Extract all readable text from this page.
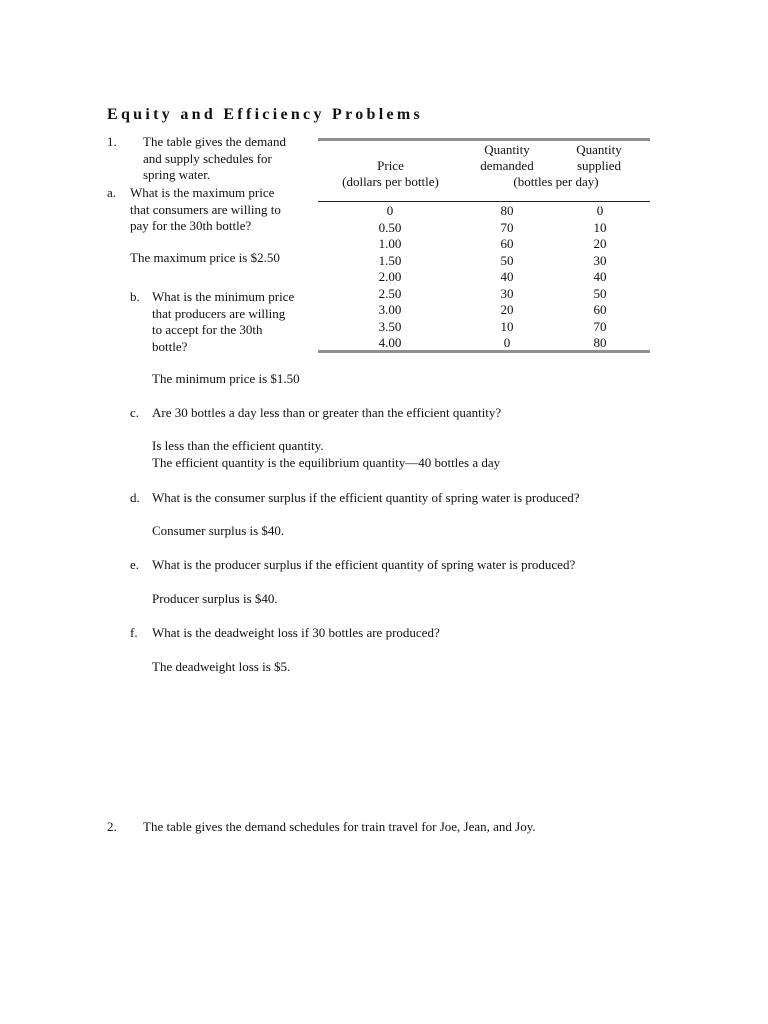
Equity and Efficiency Problems
1. The table gives the demand
and supply schedules for
spring water.
a. What is the maximum price
that consumers are willing to
pay for the 30th bottle?
The maximum price is $2.50
b. What is the minimum price
that producers are willing
to accept for the 30th
bottle?
The minimum price is $1.50
Price
(dollars per bottle)
Quantity
demanded
Quantity
supplied
(bottles per day)
0
0.50
1.00
1.50
2.00
2.50
3.00
3.50
4.00
80
70
60
50
40
30
20
10
0
0
10
20
30
40
50
60
70
80
c. Are 30 bottles a day less than or greater than the efficient quantity?
Is less than the efficient quantity.
The efficient quantity is the equilibrium quantity—40 bottles a day
d. What is the consumer surplus if the efficient quantity of spring water is produced?
Consumer surplus is $40.
e. What is the producer surplus if the efficient quantity of spring water is produced?
Producer surplus is $40.
f. What is the deadweight loss if 30 bottles are produced?
The deadweight loss is $5.
2. The table gives the demand schedules for train travel for Joe, Jean, and Joy.
